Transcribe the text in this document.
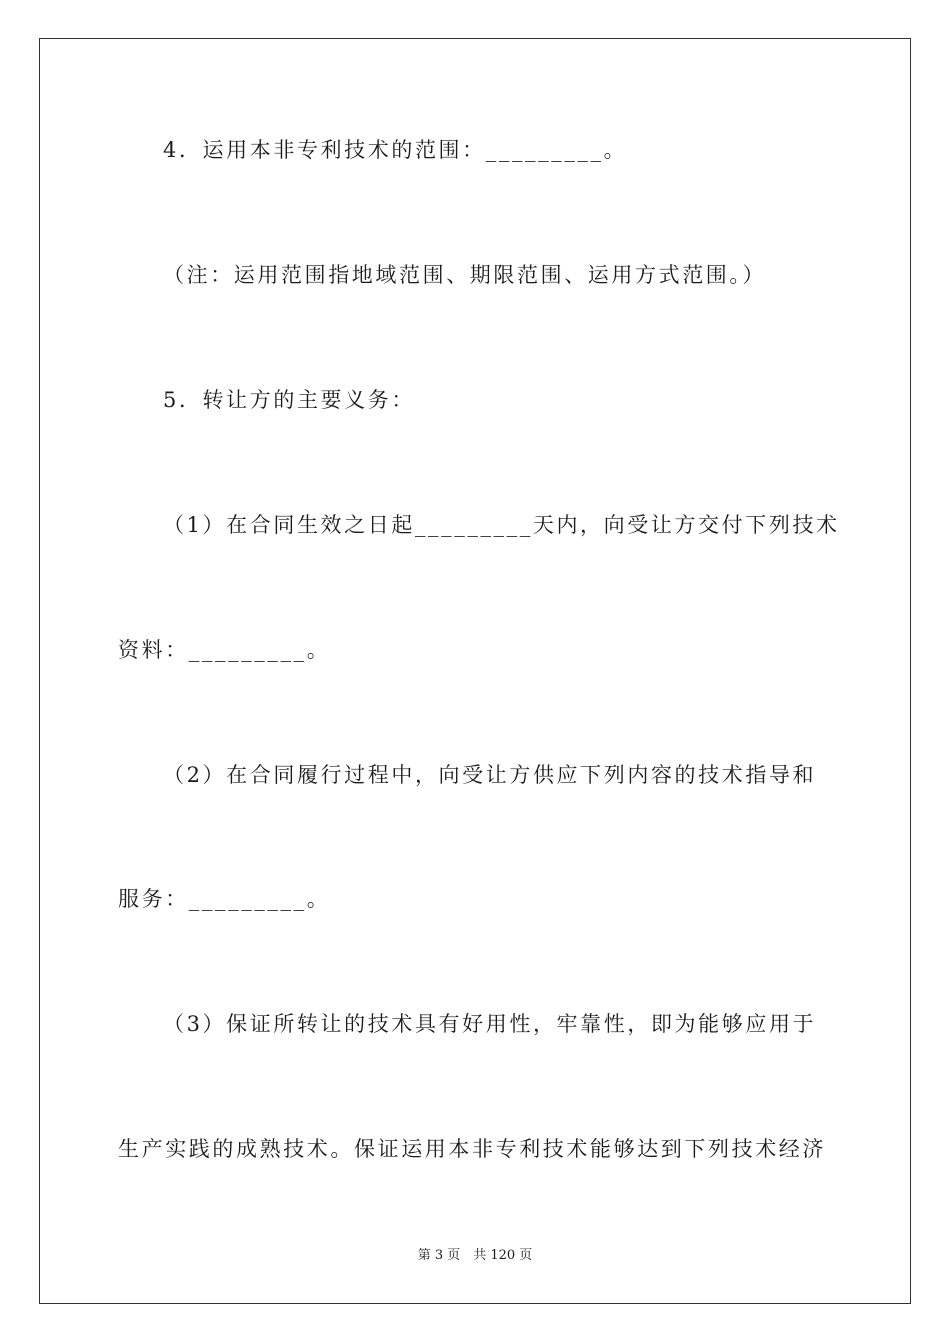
4．运用本非专利技术的范围：_________。
（注：运用范围指地域范围、期限范围、运用方式范围。）
5．转让方的主要义务：
（1）在合同生效之日起_________天内，向受让方交付下列技术
资料：_________。
（2）在合同履行过程中，向受让方供应下列内容的技术指导和
服务：_________。
（3）保证所转让的技术具有好用性，牢靠性，即为能够应用于
生产实践的成熟技术。保证运用本非专利技术能够达到下列技术经济
第 3 页　共 120 页
